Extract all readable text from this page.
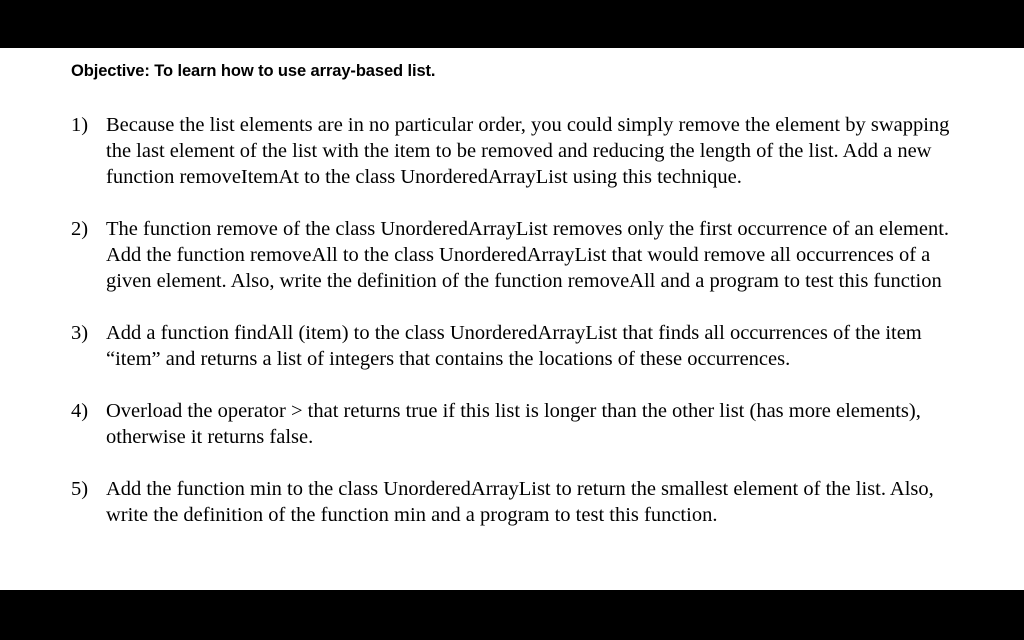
Objective: To learn how to use array-based list.
1) Because the list elements are in no particular order, you could simply remove the element by swapping the last element of the list with the item to be removed and reducing the length of the list. Add a new function removeItemAt to the class UnorderedArrayList using this technique.
2) The function remove of the class UnorderedArrayList removes only the first occurrence of an element. Add the function removeAll to the class UnorderedArrayList that would remove all occurrences of a given element. Also, write the definition of the function removeAll and a program to test this function
3) Add a function findAll (item) to the class UnorderedArrayList that finds all occurrences of the item “item” and returns a list of integers that contains the locations of these occurrences.
4) Overload the operator > that returns true if this list is longer than the other list (has more elements), otherwise it returns false.
5) Add the function min to the class UnorderedArrayList to return the smallest element of the list. Also, write the definition of the function min and a program to test this function.
